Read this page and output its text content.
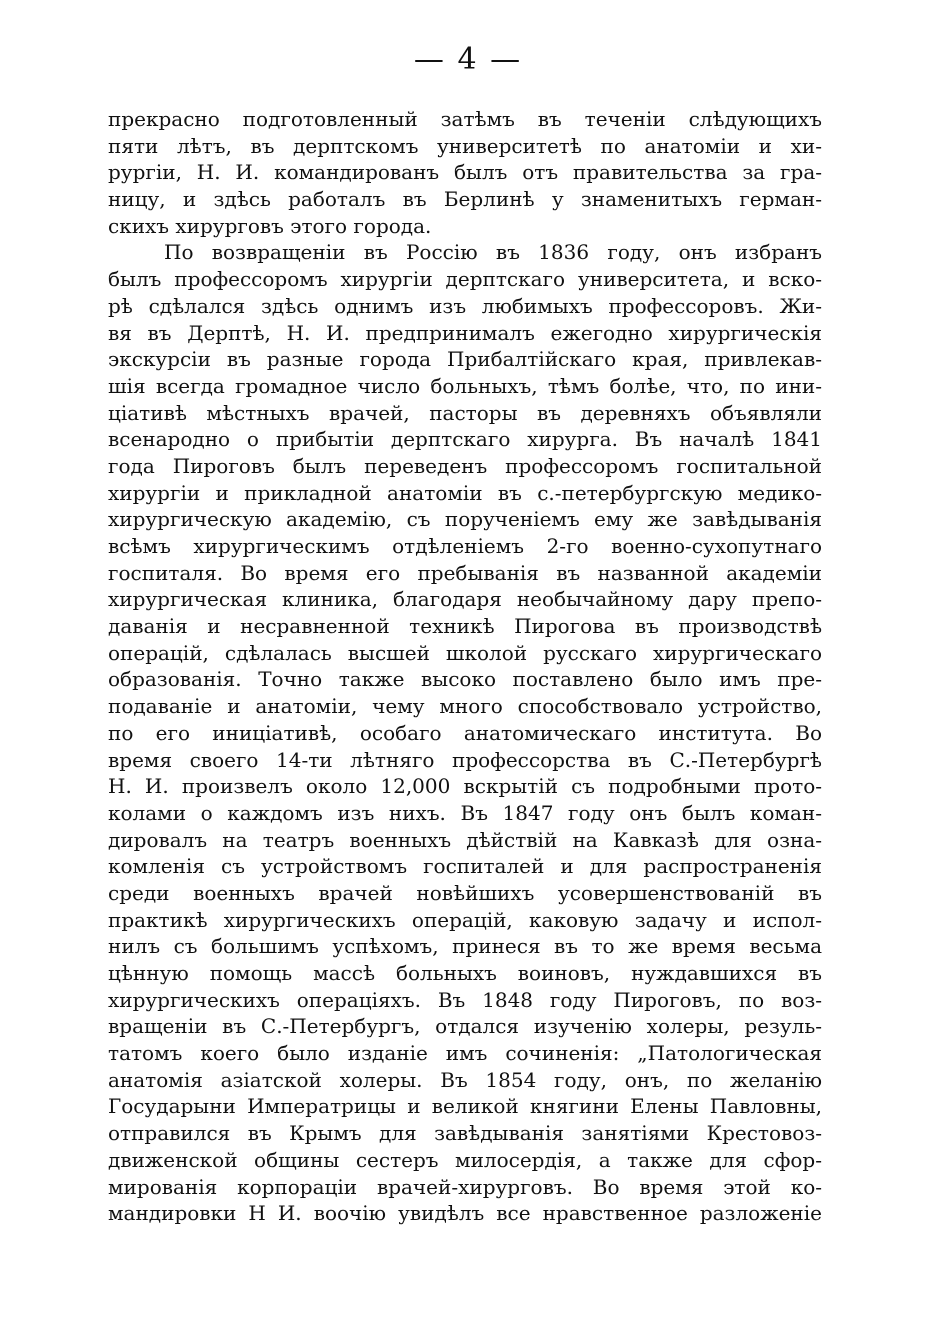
— 4 —
прекрасно подготовленный затѣмъ въ теченіи слѣдующихъ
пяти лѣтъ, въ дерптскомъ университетѣ по анатоміи и хи-
рургіи, Н. И. командированъ былъ отъ правительства за гра-
ницу, и здѣсь работалъ въ Берлинѣ у знаменитыхъ герман-
скихъ хирурговъ этого города.
По возвращеніи въ Россію въ 1836 году, онъ избранъ
былъ профессоромъ хирургіи дерптскаго университета, и вско-
рѣ сдѣлался здѣсь однимъ изъ любимыхъ профессоровъ. Жи-
вя въ Дерптѣ, Н. И. предпринималъ ежегодно хирургическія
экскурсіи въ разные города Прибалтійскаго края, привлекав-
шія всегда громадное число больныхъ, тѣмъ болѣе, что, по ини-
ціативѣ мѣстныхъ врачей, пасторы въ деревняхъ объявляли
всенародно о прибытіи дерптскаго хирурга. Въ началѣ 1841
года Пироговъ былъ переведенъ профессоромъ госпитальной
хирургіи и прикладной анатоміи въ с.-петербургскую медико-
хирургическую академію, съ порученіемъ ему же завѣдыванія
всѣмъ хирургическимъ отдѣленіемъ 2-го военно-сухопутнаго
госпиталя. Во время его пребыванія въ названной академіи
хирургическая клиника, благодаря необычайному дару препо-
даванія и несравненной техникѣ Пирогова въ производствѣ
операцій, сдѣлалась высшей школой русскаго хирургическаго
образованія. Точно также высоко поставлено было имъ пре-
подаваніе и анатоміи, чему много способствовало устройство,
по его иниціативѣ, особаго анатомическаго института. Во
время своего 14-ти лѣтняго профессорства въ С.-Петербургѣ
Н. И. произвелъ около 12,000 вскрытій съ подробными прото-
колами о каждомъ изъ нихъ. Въ 1847 году онъ былъ коман-
дировалъ на театръ военныхъ дѣйствій на Кавказѣ для озна-
комленія съ устройствомъ госпиталей и для распространенія
среди военныхъ врачей новѣйшихъ усовершенствованій въ
практикѣ хирургическихъ операцій, каковую задачу и испол-
нилъ съ большимъ успѣхомъ, принеся въ то же время весьма
цѣнную помощь массѣ больныхъ воиновъ, нуждавшихся въ
хирургическихъ операціяхъ. Въ 1848 году Пироговъ, по воз-
вращеніи въ С.-Петербургъ, отдался изученію холеры, резуль-
татомъ коего было изданіе имъ сочиненія: „Патологическая
анатомія азіатской холеры. Въ 1854 году, онъ, по желанію
Государыни Императрицы и великой княгини Елены Павловны,
отправился въ Крымъ для завѣдыванія занятіями Крестовоз-
движенской общины сестеръ милосердія, а также для сфор-
мированія корпораціи врачей-хирурговъ. Во время этой ко-
мандировки Н И. воочію увидѣлъ все нравственное разложеніе
